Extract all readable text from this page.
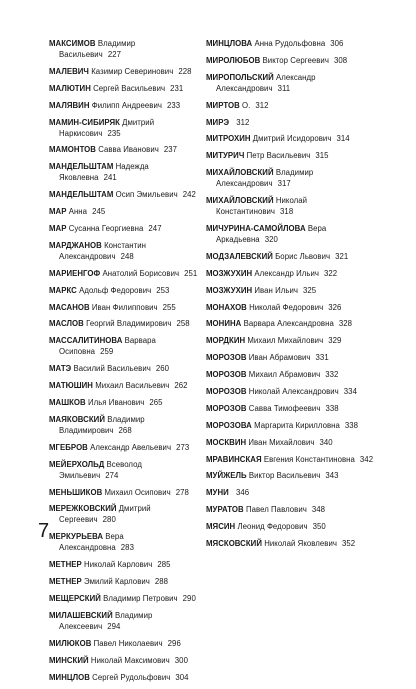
МАКСИМОВ Владимир Васильевич 227
МАЛЕВИЧ Казимир Северинович 228
МАЛЮТИН Сергей Васильевич 231
МАЛЯВИН Филипп Андреевич 233
МАМИН-СИБИРЯК Дмитрий Наркисович 235
МАМОНТОВ Савва Иванович 237
МАНДЕЛЬШТАМ Надежда Яковлевна 241
МАНДЕЛЬШТАМ Осип Эмильевич 242
МАР Анна 245
МАР Сусанна Георгиевна 247
МАРДЖАНОВ Константин Александрович 248
МАРИЕНГОФ Анатолий Борисович 251
МАРКС Адольф Федорович 253
МАСАНОВ Иван Филиппович 255
МАСЛОВ Георгий Владимирович 258
МАССАЛИТИНОВА Варвара Осиповна 259
МАТЭ Василий Васильевич 260
МАТЮШИН Михаил Васильевич 262
МАШКОВ Илья Иванович 265
МАЯКОВСКИЙ Владимир Владимирович 268
МГЕБРОВ Александр Авельевич 273
МЕЙЕРХОЛЬД Всеволод Эмильевич 274
МЕНЬШИКОВ Михаил Осипович 278
МЕРЕЖКОВСКИЙ Дмитрий Сергеевич 280
МЕРКУРЬЕВА Вера Александровна 283
МЕТНЕР Николай Карлович 285
МЕТНЕР Эмилий Карлович 288
МЕЩЕРСКИЙ Владимир Петрович 290
МИЛАШЕВСКИЙ Владимир Алексеевич 294
МИЛЮКОВ Павел Николаевич 296
МИНСКИЙ Николай Максимович 300
МИНЦЛОВ Сергей Рудольфович 304
МИНЦЛОВА Анна Рудольфовна 306
МИРОЛЮБОВ Виктор Сергеевич 308
МИРОПОЛЬСКИЙ Александр Александрович 311
МИРТОВ О. 312
МИРЭ 312
МИТРОХИН Дмитрий Исидорович 314
МИТУРИЧ Петр Васильевич 315
МИХАЙЛОВСКИЙ Владимир Александрович 317
МИХАЙЛОВСКИЙ Николай Константинович 318
МИЧУРИНА-САМОЙЛОВА Вера Аркадьевна 320
МОДЗАЛЕВСКИЙ Борис Львович 321
МОЗЖУХИН Александр Ильич 322
МОЗЖУХИН Иван Ильич 325
МОНАХОВ Николай Федорович 326
МОНИНА Варвара Александровна 328
МОРДКИН Михаил Михайлович 329
МОРОЗОВ Иван Абрамович 331
МОРОЗОВ Михаил Абрамович 332
МОРОЗОВ Николай Александрович 334
МОРОЗОВ Савва Тимофеевич 338
МОРОЗОВА Маргарита Кирилловна 338
МОСКВИН Иван Михайлович 340
МРАВИНСКАЯ Евгения Константиновна 342
МУЙЖЕЛЬ Виктор Васильевич 343
МУНИ 346
МУРАТОВ Павел Павлович 348
МЯСИН Леонид Федорович 350
МЯСКОВСКИЙ Николай Яковлевич 352
7
